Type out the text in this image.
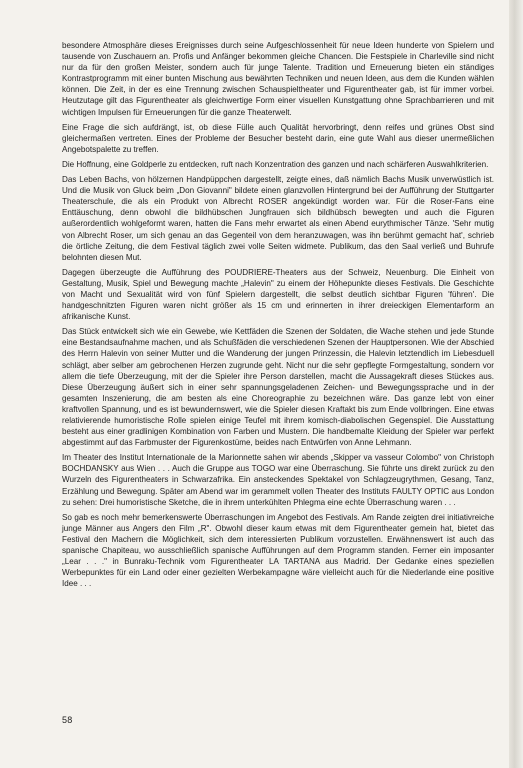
besondere Atmosphäre dieses Ereignisses durch seine Aufgeschlossenheit für neue Ideen hunderte von Spielern und tausende von Zuschauern an. Profis und Anfänger bekommen gleiche Chancen. Die Festspiele in Charleville sind nicht nur da für den großen Meister, sondern auch für junge Talente. Tradition und Erneuerung bieten ein ständiges Kontrastprogramm mit einer bunten Mischung aus bewährten Techniken und neuen Ideen, aus dem die Kunden wählen können. Die Zeit, in der es eine Trennung zwischen Schauspieltheater und Figurentheater gab, ist für immer vorbei. Heutzutage gilt das Figurentheater als gleichwertige Form einer visuellen Kunstgattung ohne Sprachbarrieren und mit wichtigen Impulsen für Erneuerungen für die ganze Theaterwelt.

Eine Frage die sich aufdrängt, ist, ob diese Fülle auch Qualität hervorbringt, denn reifes und grünes Obst sind gleichermaßen vertreten. Eines der Probleme der Besucher besteht darin, eine gute Wahl aus dieser unermeßlichen Angebotspalette zu treffen.

Die Hoffnung, eine Goldperle zu entdecken, ruft nach Konzentration des ganzen und nach schärferen Auswahlkriterien.

Das Leben Bachs, von hölzernen Handpüppchen dargestellt, zeigte eines, daß nämlich Bachs Musik unverwüstlich ist. Und die Musik von Gluck beim „Don Giovanni" bildete einen glanzvollen Hintergrund bei der Aufführung der Stuttgarter Theaterschule, die als ein Produkt von Albrecht ROSER angekündigt worden war. Für die Roser-Fans eine Enttäuschung, denn obwohl die bildhübschen Jungfrauen sich bildhübsch bewegten und auch die Figuren außerordentlich wohlgeformt waren, hatten die Fans mehr erwartet als einen Abend eurythmischer Tänze. 'Sehr mutig von Albrecht Roser, um sich genau an das Gegenteil von dem heranzuwagen, was ihn berühmt gemacht hat', schrieb die örtliche Zeitung, die dem Festival täglich zwei volle Seiten widmete. Publikum, das den Saal verließ und Buhrufe belohnten diesen Mut.

Dagegen überzeugte die Aufführung des POUDRIERE-Theaters aus der Schweiz, Neuenburg. Die Einheit von Gestaltung, Musik, Spiel und Bewegung machte „Halevin" zu einem der Höhepunkte dieses Festivals. Die Geschichte von Macht und Sexualität wird von fünf Spielern dargestellt, die selbst deutlich sichtbar Figuren 'führen'. Die handgeschnitzten Figuren waren nicht größer als 15 cm und erinnerten in ihrer dreieckigen Elementarform an afrikanische Kunst.

Das Stück entwickelt sich wie ein Gewebe, wie Kettfäden die Szenen der Soldaten, die Wache stehen und jede Stunde eine Bestandsaufnahme machen, und als Schußfäden die verschiedenen Szenen der Hauptpersonen. Wie der Abschied des Herrn Halevin von seiner Mutter und die Wanderung der jungen Prinzessin, die Halevin letztendlich im Liebesduell schlägt, aber selber am gebrochenen Herzen zugrunde geht. Nicht nur die sehr gepflegte Formgestaltung, sondern vor allem die tiefe Überzeugung, mit der die Spieler ihre Person darstellen, macht die Aussagekraft dieses Stückes aus. Diese Überzeugung äußert sich in einer sehr spannungsgeladenen Zeichen- und Bewegungssprache und in der gesamten Inszenierung, die am besten als eine Choreographie zu bezeichnen wäre. Das ganze lebt von einer kraftvollen Spannung, und es ist bewundernswert, wie die Spieler diesen Kraftakt bis zum Ende vollbringen. Eine etwas relativierende humoristische Rolle spielen einige Teufel mit ihrem komisch-diabolischen Gegenspiel. Die Ausstattung besteht aus einer gradlinigen Kombination von Farben und Mustern. Die handbemalte Kleidung der Spieler war perfekt abgestimmt auf das Farbmuster der Figurenkostüme, beides nach Entwürfen von Anne Lehmann.

Im Theater des Institut Internationale de la Marionnette sahen wir abends „Skipper va vasseur Colombo" von Christoph BOCHDANSKY aus Wien . . . Auch die Gruppe aus TOGO war eine Überraschung. Sie führte uns direkt zurück zu den Wurzeln des Figurentheaters in Schwarzafrika. Ein ansteckendes Spektakel von Schlagzeugrythmen, Gesang, Tanz, Erzählung und Bewegung. Später am Abend war im gerammelt vollen Theater des Instituts FAULTY OPTIC aus London zu sehen: Drei humoristische Sketche, die in ihrem unterkühlten Phlegma eine echte Überraschung waren . . .

So gab es noch mehr bemerkenswerte Überraschungen im Angebot des Festivals. Am Rande zeigten drei initiativreiche junge Männer aus Angers den Film „R". Obwohl dieser kaum etwas mit dem Figurentheater gemein hat, bietet das Festival den Machern die Möglichkeit, sich dem interessierten Publikum vorzustellen. Erwähnenswert ist auch das spanische Chapiteau, wo ausschließlich spanische Aufführungen auf dem Programm standen. Ferner ein imposanter „Lear . . ." in Bunraku-Technik vom Figurentheater LA TARTANA aus Madrid. Der Gedanke eines speziellen Werbepunktes für ein Land oder einer gezielten Werbekampagne wäre vielleicht auch für die Niederlande eine positive Idee . . .

58
